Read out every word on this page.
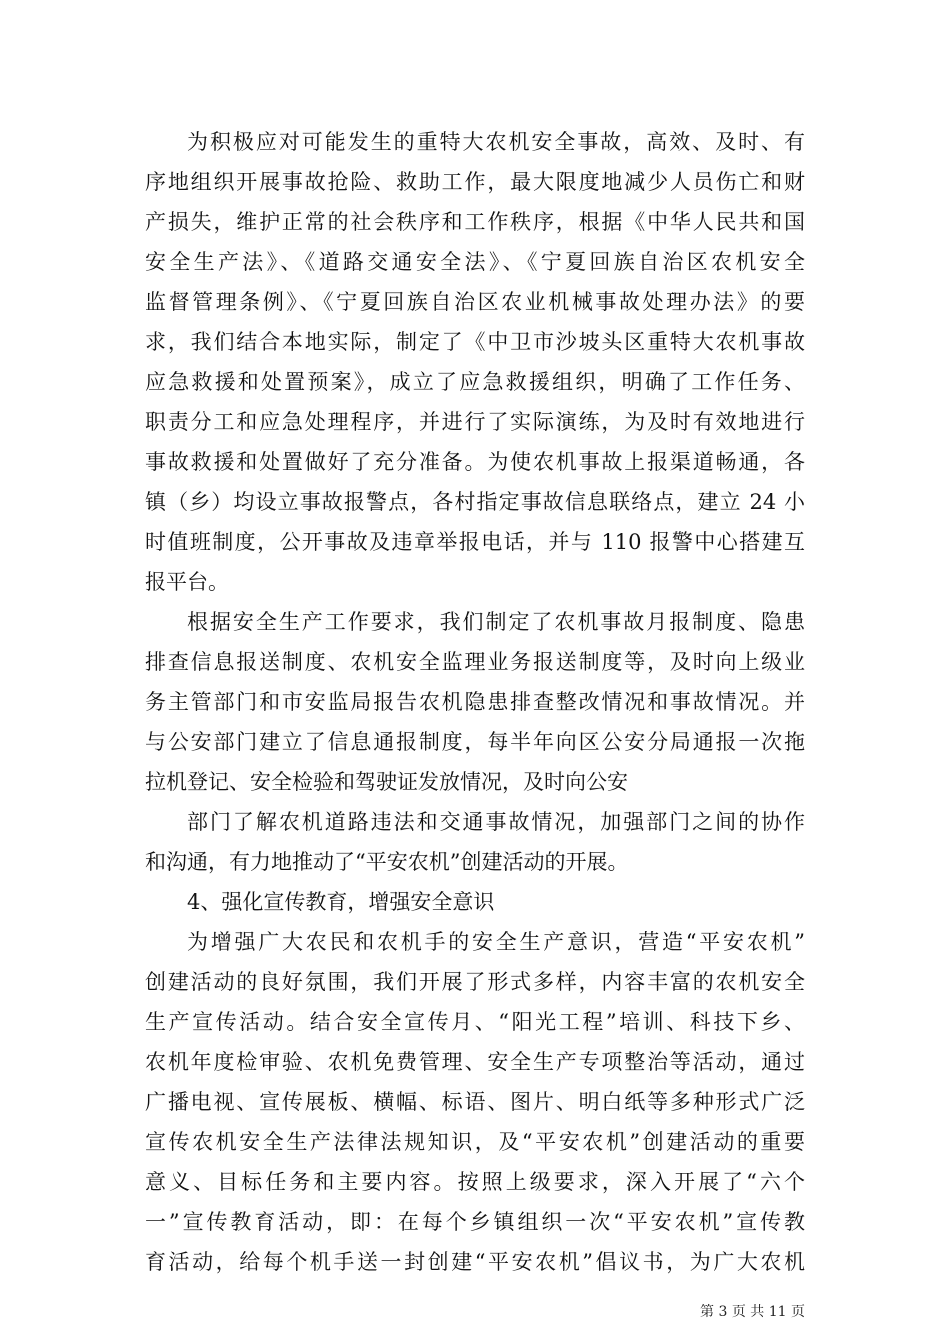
为积极应对可能发生的重特大农机安全事故，高效、及时、有
序地组织开展事故抢险、救助工作，最大限度地减少人员伤亡和财
产损失，维护正常的社会秩序和工作秩序，根据《中华人民共和国
安全生产法》、《道路交通安全法》、《宁夏回族自治区农机安全
监督管理条例》、《宁夏回族自治区农业机械事故处理办法》的要
求，我们结合本地实际，制定了《中卫市沙坡头区重特大农机事故
应急救援和处置预案》，成立了应急救援组织，明确了工作任务、
职责分工和应急处理程序，并进行了实际演练，为及时有效地进行
事故救援和处置做好了充分准备。为使农机事故上报渠道畅通，各
镇（乡）均设立事故报警点，各村指定事故信息联络点，建立 24 小
时值班制度，公开事故及违章举报电话，并与 110 报警中心搭建互
报平台。
根据安全生产工作要求，我们制定了农机事故月报制度、隐患
排查信息报送制度、农机安全监理业务报送制度等，及时向上级业
务主管部门和市安监局报告农机隐患排查整改情况和事故情况。并
与公安部门建立了信息通报制度，每半年向区公安分局通报一次拖
拉机登记、安全检验和驾驶证发放情况，及时向公安
部门了解农机道路违法和交通事故情况，加强部门之间的协作
和沟通，有力地推动了“平安农机”创建活动的开展。
4、强化宣传教育，增强安全意识
为增强广大农民和农机手的安全生产意识，营造“平安农机”
创建活动的良好氛围，我们开展了形式多样，内容丰富的农机安全
生产宣传活动。结合安全宣传月、“阳光工程”培训、科技下乡、
农机年度检审验、农机免费管理、安全生产专项整治等活动，通过
广播电视、宣传展板、横幅、标语、图片、明白纸等多种形式广泛
宣传农机安全生产法律法规知识，及“平安农机”创建活动的重要
意义、目标任务和主要内容。按照上级要求，深入开展了“六个
一”宣传教育活动，即：在每个乡镇组织一次“平安农机”宣传教
育活动，给每个机手送一封创建“平安农机”倡议书，为广大农机
第 3 页 共 11 页
